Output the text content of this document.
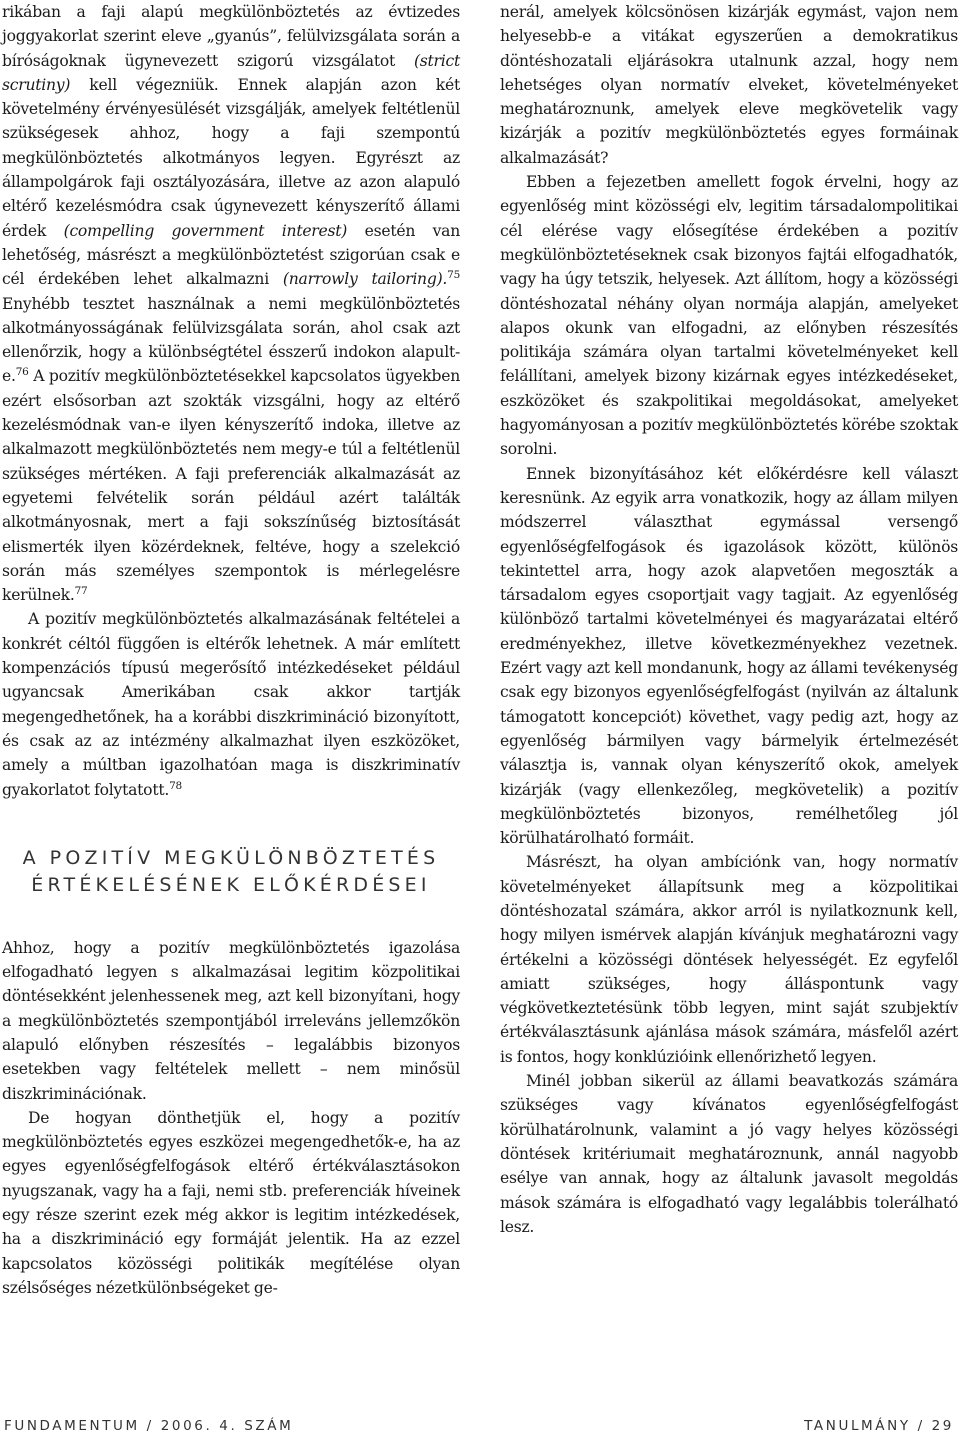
rikában a faji alapú megkülönböztetés az évtizedes joggyakorlat szerint eleve „gyanús”, felülvizsgálata során a bíróságoknak ügynevezett szigorú vizsgálatot (strict scrutiny) kell végezniük. Ennek alapján azon két követelmény érvényesülését vizsgálják, amelyek feltétlenül szükségesek ahhoz, hogy a faji szempontú megkülönböztetés alkotmányos legyen. Egyrészt az állampolgárok faji osztályozására, illetve az azon alapuló eltérő kezelésmódra csak úgynevezett kényszerítő állami érdek (compelling government interest) esetén van lehetőség, másrészt a megkülönböztetést szigorúan csak e cél érdekében lehet alkalmazni (narrowly tailoring).$^{75}$ Enyhébb tesztet használnak a nemi megkülönböztetés alkotmányosságának felülvizsgálata során, ahol csak azt ellenőrzik, hogy a különbségtétel ésszerű indokon alapult-e.$^{76}$ A pozitív megkülönböztetésekkel kapcsolatos ügyekben ezért elsősorban azt szokták vizsgálni, hogy az eltérő kezelésmódnak van-e ilyen kényszerítő indoka, illetve az alkalmazott megkülönböztetés nem megy-e túl a feltétlenül szükséges mértéken. A faji preferenciák alkalmazását az egyetemi felvételik során például azért találták alkotmányosnak, mert a faji sokszínűség biztosítását elismerték ilyen közérdeknek, feltéve, hogy a szelekció során más személyes szempontok is mérlegelésre kerülnek.$^{77}$

A pozitív megkülönböztetés alkalmazásának feltételei a konkrét céltól függően is eltérők lehetnek. A már említett kompenzációs típusú megerősítő intézkedéseket például ugyancsak Amerikában csak akkor tartják megengedhetőnek, ha a korábbi diszkrimináció bizonyított, és csak az az intézmény alkalmazhat ilyen eszközöket, amely a múltban igazolhatóan maga is diszkriminatív gyakorlatot folytatott.$^{78}$

A POZITÍV MEGKÜLÖNBÖZTETÉS
ÉRTÉKELÉSÉNEK ELŐKÉRDÉSEI

Ahhoz, hogy a pozitív megkülönböztetés igazolása elfogadható legyen s alkalmazásai legitim közpolitikai döntésekként jelenhessenek meg, azt kell bizonyítani, hogy a megkülönböztetés szempontjából irreleváns jellemzőkön alapuló előnyben részesítés – legalábbis bizonyos esetekben vagy feltételek mellett – nem minősül diszkriminációnak.

De hogyan dönthetjük el, hogy a pozitív megkülönböztetés egyes eszközei megengedhetők-e, ha az egyes egyenlőségfelfogások eltérő értékválasztásokon nyugszanak, vagy ha a faji, nemi stb. preferenciák híveinek egy része szerint ezek még akkor is legitim intézkedések, ha a diszkrimináció egy formáját jelentik. Ha az ezzel kapcsolatos közösségi politikák megítélése olyan szélsőséges nézetkülönbségeket ge-

nerál, amelyek kölcsönösen kizárják egymást, vajon nem helyesebb-e a vitákat egyszerűen a demokratikus döntéshozatali eljárásokra utalnunk azzal, hogy nem lehetséges olyan normatív elveket, követelményeket meghatároznunk, amelyek eleve megkövetelik vagy kizárják a pozitív megkülönböztetés egyes formáinak alkalmazását?

Ebben a fejezetben amellett fogok érvelni, hogy az egyenlőség mint közösségi elv, legitim társadalompolitikai cél elérése vagy elősegítése érdekében a pozitív megkülönböztetéseknek csak bizonyos fajtái elfogadhatók, vagy ha úgy tetszik, helyesek. Azt állítom, hogy a közösségi döntéshozatal néhány olyan normája alapján, amelyeket alapos okunk van elfogadni, az előnyben részesítés politikája számára olyan tartalmi követelményeket kell felállítani, amelyek bizony kizárnak egyes intézkedéseket, eszközöket és szakpolitikai megoldásokat, amelyeket hagyományosan a pozitív megkülönböztetés körébe szoktak sorolni.

Ennek bizonyításához két előkérdésre kell választ keresnünk. Az egyik arra vonatkozik, hogy az állam milyen módszerrel választhat egymással versengő egyenlőségfelfogások és igazolások között, különös tekintettel arra, hogy azok alapvetően megoszták a társadalom egyes csoportjait vagy tagjait. Az egyenlőség különböző tartalmi követelményei és magyarázatai eltérő eredményekhez, illetve következményekhez vezetnek. Ezért vagy azt kell mondanunk, hogy az állami tevékenység csak egy bizonyos egyenlőségfelfogást (nyilván az általunk támogatott koncepciót) követhet, vagy pedig azt, hogy az egyenlőség bármilyen vagy bármelyik értelmezését választja is, vannak olyan kényszerítő okok, amelyek kizárják (vagy ellenkezőleg, megkövetelik) a pozitív megkülönböztetés bizonyos, remélhetőleg jól körülhatárolható formáit.

Másrészt, ha olyan ambíciónk van, hogy normatív követelményeket állapítsunk meg a közpolitikai döntéshozatal számára, akkor arról is nyilatkoznunk kell, hogy milyen ismérvek alapján kívánjuk meghatározni vagy értékelni a közösségi döntések helyességét. Ez egyfelől amiatt szükséges, hogy álláspontunk vagy végkövetkeztetésünk több legyen, mint saját szubjektív értékválasztásunk ajánlása mások számára, másfelől azért is fontos, hogy konklúzióink ellenőrizhető legyen.

Minél jobban sikerül az állami beavatkozás számára szükséges vagy kívánatos egyenlőségfelfogást körülhatárolnunk, valamint a jó vagy helyes közösségi döntések kritériumait meghatároznunk, annál nagyobb esélye van annak, hogy az általunk javasolt megoldás mások számára is elfogadható vagy legalábbis tolerálható lesz.

FUNDAMENTUM / 2006. 4. SZÁM	TANULMÁNY / 29
